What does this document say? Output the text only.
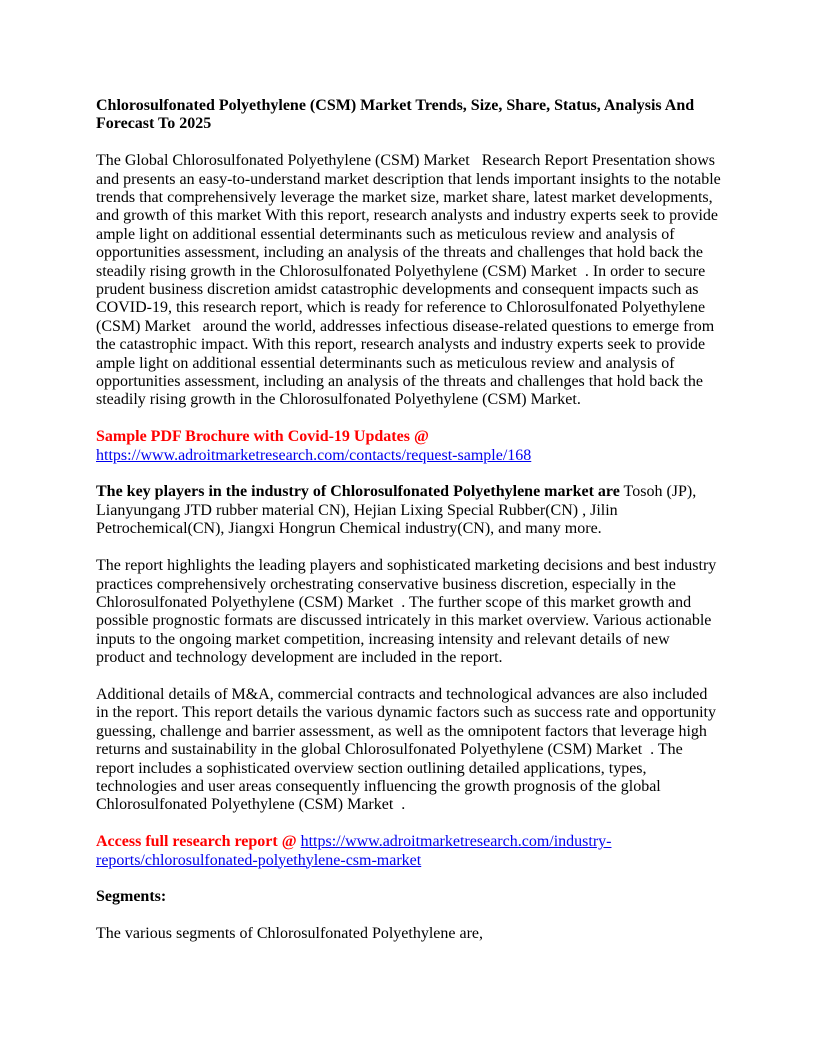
Chlorosulfonated Polyethylene (CSM) Market Trends, Size, Share, Status, Analysis And Forecast To 2025

The Global Chlorosulfonated Polyethylene (CSM) Market   Research Report Presentation shows and presents an easy-to-understand market description that lends important insights to the notable trends that comprehensively leverage the market size, market share, latest market developments, and growth of this market With this report, research analysts and industry experts seek to provide ample light on additional essential determinants such as meticulous review and analysis of opportunities assessment, including an analysis of the threats and challenges that hold back the steadily rising growth in the Chlorosulfonated Polyethylene (CSM) Market  . In order to secure prudent business discretion amidst catastrophic developments and consequent impacts such as COVID-19, this research report, which is ready for reference to Chlorosulfonated Polyethylene (CSM) Market   around the world, addresses infectious disease-related questions to emerge from the catastrophic impact. With this report, research analysts and industry experts seek to provide ample light on additional essential determinants such as meticulous review and analysis of opportunities assessment, including an analysis of the threats and challenges that hold back the steadily rising growth in the Chlorosulfonated Polyethylene (CSM) Market.

Sample PDF Brochure with Covid-19 Updates @
https://www.adroitmarketresearch.com/contacts/request-sample/168

The key players in the industry of Chlorosulfonated Polyethylene market are Tosoh (JP), Lianyungang JTD rubber material CN), Hejian Lixing Special Rubber(CN) , Jilin Petrochemical(CN), Jiangxi Hongrun Chemical industry(CN), and many more.

The report highlights the leading players and sophisticated marketing decisions and best industry practices comprehensively orchestrating conservative business discretion, especially in the Chlorosulfonated Polyethylene (CSM) Market  . The further scope of this market growth and possible prognostic formats are discussed intricately in this market overview. Various actionable inputs to the ongoing market competition, increasing intensity and relevant details of new product and technology development are included in the report.

Additional details of M&A, commercial contracts and technological advances are also included in the report. This report details the various dynamic factors such as success rate and opportunity guessing, challenge and barrier assessment, as well as the omnipotent factors that leverage high returns and sustainability in the global Chlorosulfonated Polyethylene (CSM) Market  . The report includes a sophisticated overview section outlining detailed applications, types, technologies and user areas consequently influencing the growth prognosis of the global Chlorosulfonated Polyethylene (CSM) Market  .

Access full research report @ https://www.adroitmarketresearch.com/industry-reports/chlorosulfonated-polyethylene-csm-market

Segments:

The various segments of Chlorosulfonated Polyethylene are,
